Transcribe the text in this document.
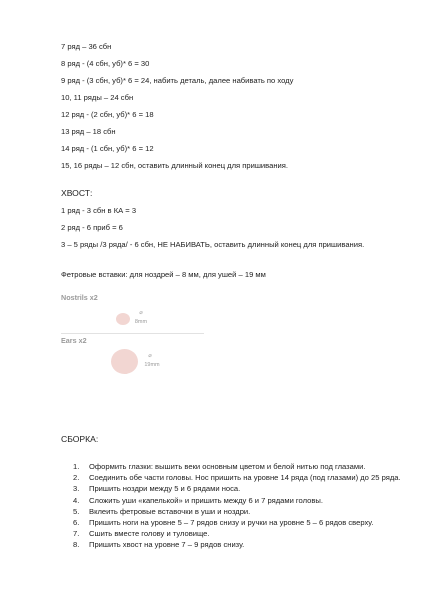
7 ряд – 36 сбн
8 ряд - (4 сбн, уб)* 6 = 30
9 ряд - (3 сбн, уб)* 6 = 24, набить деталь, далее набивать по ходу
10, 11 ряды – 24 сбн
12 ряд - (2 сбн, уб)* 6 = 18
13 ряд – 18 сбн
14 ряд - (1 сбн, уб)* 6 = 12
15, 16 ряды – 12 сбн, оставить длинный конец для пришивания.
ХВОСТ:
1 ряд - 3 сбн в КА = 3
2 ряд - 6 приб = 6
3 – 5 ряды /3 ряда/ - 6 сбн, НЕ НАБИВАТЬ, оставить длинный конец для пришивания.
Фетровые вставки: для ноздрей – 8 мм, для ушей – 19 мм
Nostrils x2
⌀
8mm
Ears x2
⌀
19mm
СБОРКА:
1. Оформить глазки: вышить веки основным цветом и белой нитью под глазами.
2. Соединить обе части головы. Нос пришить на уровне 14 ряда (под глазами) до 25 ряда.
3. Пришить ноздри между 5 и 6 рядами носа.
4. Сложить уши «капелькой» и пришить между 6 и 7 рядами головы.
5. Вклеить фетровые вставочки в уши и ноздри.
6. Пришить ноги на уровне 5 – 7 рядов снизу и ручки на уровне 5 – 6 рядов сверху.
7. Сшить вместе голову и туловище.
8. Пришить хвост на уровне 7 – 9 рядов снизу.
